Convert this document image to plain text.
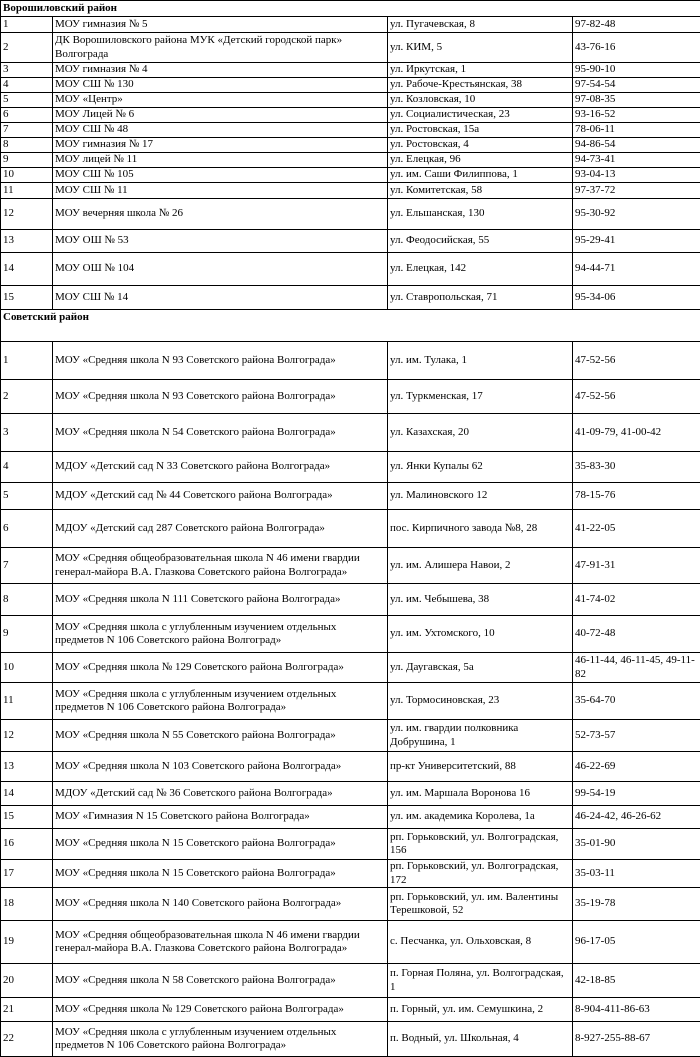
Ворошиловский район			
1	МОУ гимназия № 5	ул. Пугачевская, 8	97-82-48
2	ДК Ворошиловского района МУК «Детский городской парк» Волгограда	ул. КИМ, 5	43-76-16
3	МОУ гимназия № 4	ул. Иркутская, 1	95-90-10
4	МОУ СШ № 130	ул. Рабоче-Крестьянская, 38	97-54-54
5	МОУ «Центр»	ул. Козловская, 10	97-08-35
6	МОУ Лицей № 6	ул. Социалистическая, 23	93-16-52
7	МОУ СШ № 48	ул. Ростовская, 15а	78-06-11
8	МОУ гимназия № 17	ул. Ростовская, 4	94-86-54
9	МОУ лицей № 11	ул. Елецкая, 96	94-73-41
10	МОУ СШ № 105	ул. им. Саши Филиппова, 1	93-04-13
11	МОУ СШ № 11	ул. Комитетская, 58	97-37-72
12	МОУ вечерняя школа № 26	ул. Ельшанская, 130	95-30-92
13	МОУ ОШ № 53	ул. Феодосийская, 55	95-29-41
14	МОУ ОШ № 104	ул. Елецкая, 142	94-44-71
15	МОУ СШ № 14	ул. Ставропольская, 71	95-34-06
Советский район			
1	МОУ «Средняя школа N 93 Советского района Волгограда»	ул. им. Тулака, 1	47-52-56
2	МОУ «Средняя школа N 93 Советского района Волгограда»	ул. Туркменская, 17	47-52-56
3	МОУ «Средняя школа N 54 Советского района Волгограда»	ул. Казахская, 20	41-09-79, 41-00-42
4	МДОУ «Детский сад N 33 Советского района Волгограда»	ул. Янки Купалы 62	35-83-30
5	МДОУ «Детский сад № 44 Советского района Волгограда»	ул. Малиновского 12	78-15-76
6	МДОУ «Детский сад 287 Советского района Волгограда»	пос. Кирпичного завода №8, 28	41-22-05
7	МОУ «Средняя общеобразовательная школа N 46 имени гвардии генерал-майора В.А. Глазкова Советского района Волгограда»	ул. им. Алишера Навои, 2	47-91-31
8	МОУ «Средняя школа N 111 Советского района Волгограда»	ул. им. Чебышева, 38	41-74-02
9	МОУ «Средняя школа с углубленным изучением отдельных предметов N 106 Советского района Волгоград»	ул. им. Ухтомского, 10	40-72-48
10	МОУ «Средняя школа № 129 Советского района Волгограда»	ул. Даугавская, 5а	46-11-44, 46-11-45, 49-11-82
11	МОУ «Средняя школа с углубленным изучением отдельных предметов N 106 Советского района Волгограда»	ул. Тормосиновская, 23	35-64-70
12	МОУ «Средняя школа N 55 Советского района Волгограда»	ул. им. гвардии полковника Добрушина, 1	52-73-57
13	МОУ «Средняя школа N 103 Советского района Волгограда»	пр-кт Университетский, 88	46-22-69
14	МДОУ «Детский сад № 36 Советского района Волгограда»	ул. им. Маршала Воронова 16	99-54-19
15	МОУ «Гимназия N 15 Советского района Волгограда»	ул. им. академика Королева, 1а	46-24-42, 46-26-62
16	МОУ «Средняя школа N 15 Советского района Волгограда»	рп. Горьковский, ул. Волгоградская, 156	35-01-90
17	МОУ «Средняя школа N 15 Советского района Волгограда»	рп. Горьковский, ул. Волгоградская, 172	35-03-11
18	МОУ «Средняя школа N 140 Советского района Волгограда»	рп. Горьковский, ул. им. Валентины Терешковой, 52	35-19-78
19	МОУ «Средняя общеобразовательная школа N 46 имени гвардии генерал-майора В.А. Глазкова Советского района Волгограда»	с. Песчанка, ул. Ольховская, 8	96-17-05
20	МОУ «Средняя школа N 58 Советского района Волгограда»	п. Горная Поляна, ул. Волгоградская, 1	42-18-85
21	МОУ «Средняя школа № 129 Советского района Волгограда»	п. Горный, ул. им. Семушкина, 2	8-904-411-86-63
22	МОУ «Средняя школа с углубленным изучением отдельных предметов N 106 Советского района Волгограда»	п. Водный, ул. Школьная, 4	8-927-255-88-67
